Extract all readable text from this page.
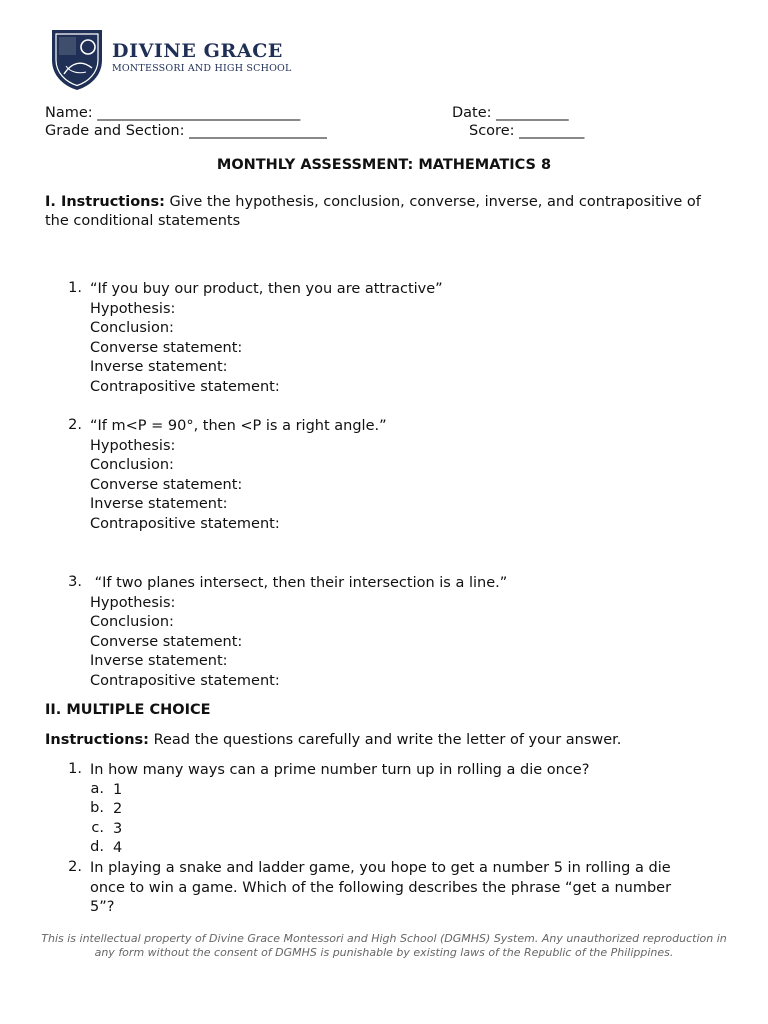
DIVINE GRACE
MONTESSORI AND HIGH SCHOOL
Name: ____________________________	Date: __________
Grade and Section: ___________________	Score: _________
MONTHLY ASSESSMENT: MATHEMATICS 8
I. Instructions: Give the hypothesis, conclusion, converse, inverse, and contrapositive of the conditional statements
1. “If you buy our product, then you are attractive”
Hypothesis:
Conclusion:
Converse statement:
Inverse statement:
Contrapositive statement:
2. “If m<P = 90°, then <P is a right angle.”
Hypothesis:
Conclusion:
Converse statement:
Inverse statement:
Contrapositive statement:
3. “If two planes intersect, then their intersection is a line.”
Hypothesis:
Conclusion:
Converse statement:
Inverse statement:
Contrapositive statement:
II. MULTIPLE CHOICE
Instructions: Read the questions carefully and write the letter of your answer.
1. In how many ways can a prime number turn up in rolling a die once?
a. 1
b. 2
c. 3
d. 4
2. In playing a snake and ladder game, you hope to get a number 5 in rolling a die
once to win a game. Which of the following describes the phrase “get a number
5”?
This is intellectual property of Divine Grace Montessori and High School (DGMHS) System. Any unauthorized reproduction in any form without the consent of DGMHS is punishable by existing laws of the Republic of the Philippines.
